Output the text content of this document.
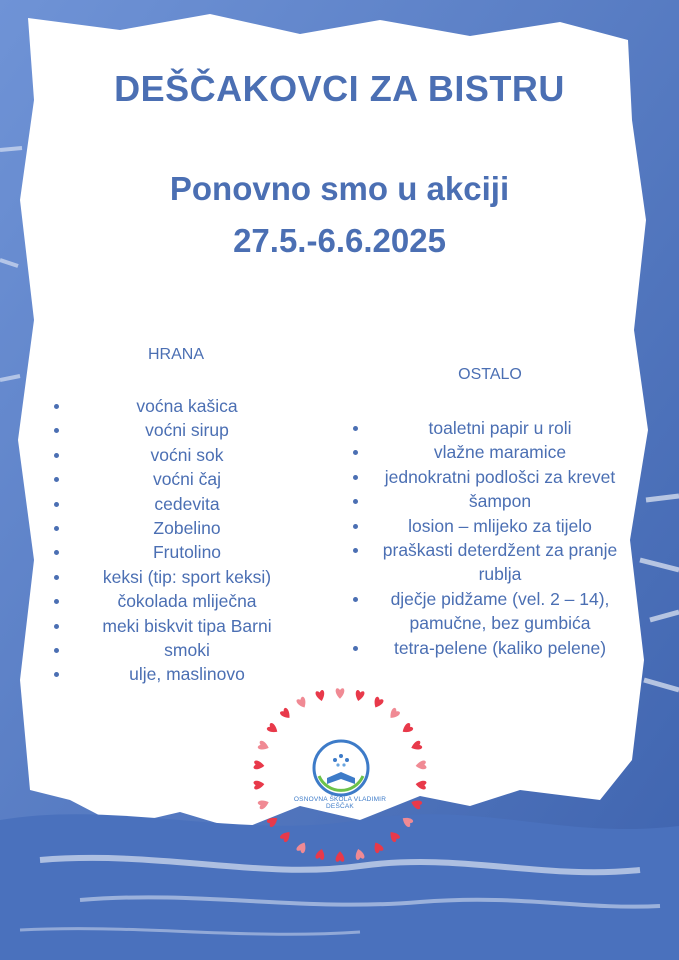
DEŠČAKOVCI ZA BISTRU
Ponovno smo u akciji
27.5.-6.6.2025

HRANA

voćna kašica
voćni sirup
voćni sok
voćni čaj
cedevita
Zobelino
Frutolino
keksi (tip: sport keksi)
čokolada mliječna
meki biskvit tipa Barni
smoki
ulje, maslinovo

OSTALO

toaletni papir u roli
vlažne maramice
jednokratni podlošci za krevet
šampon
losion – mlijeko za tijelo
praškasti deterdžent za pranje rublja
dječje pidžame (vel. 2 – 14), pamučne, bez gumbića
tetra-pelene (kaliko pelene)
OSNOVNA ŠKOLA VLADIMIR DEŠČAK
